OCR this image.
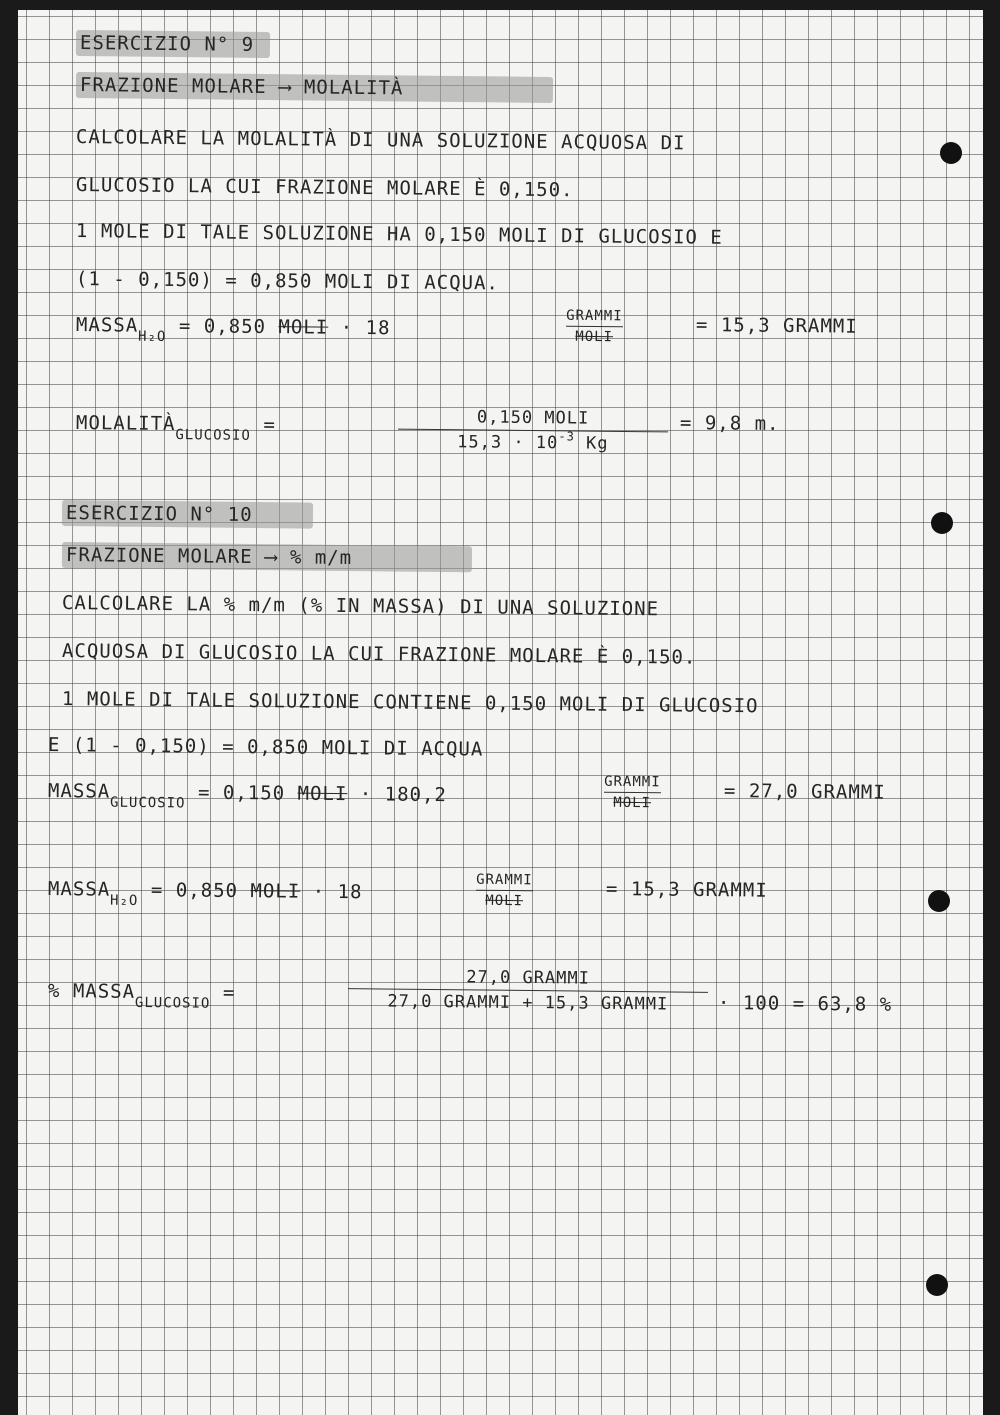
ESERCIZIO N° 9
FRAZIONE MOLARE ⟶ MOLALITÀ
CALCOLARE LA MOLALITÀ DI UNA SOLUZIONE ACQUOSA DI
GLUCOSIO LA CUI FRAZIONE MOLARE È 0,150.
1 MOLE DI TALE SOLUZIONE HA 0,150 MOLI DI GLUCOSIO E
(1 - 0,150) = 0,850 MOLI DI ACQUA.
$MASSA_{H_2O} = 0,850$ MOLI · 18
GRAMMI
MOLI	= 15,3 GRAMMI
$MOLALITÀ_{GLUCOSIO}$ =	0,150 MOLI
$15,3 \cdot 10^{-3}$ Kg
= 9,8 m.
ESERCIZIO N° 10
FRAZIONE MOLARE ⟶ % m/m
CALCOLARE LA % m/m (% IN MASSA) DI UNA SOLUZIONE
ACQUOSA DI GLUCOSIO LA CUI FRAZIONE MOLARE È 0,150.
1 MOLE DI TALE SOLUZIONE CONTIENE 0,150 MOLI DI GLUCOSIO
E (1 - 0,150) = 0,850 MOLI DI ACQUA
$MASSA_{GLUCOSIO} = 0,150$ MOLI · 180,2
GRAMMI
MOLI	= 27,0 GRAMMI
$MASSA_{H_2O} = 0,850$ MOLI · 18
GRAMMI
MOLI	= 15,3 GRAMMI
% $MASSA_{GLUCOSIO}$ =
27,0 GRAMMI
27,0 GRAMMI + 15,3 GRAMMI	· 100 = 63,8 %
